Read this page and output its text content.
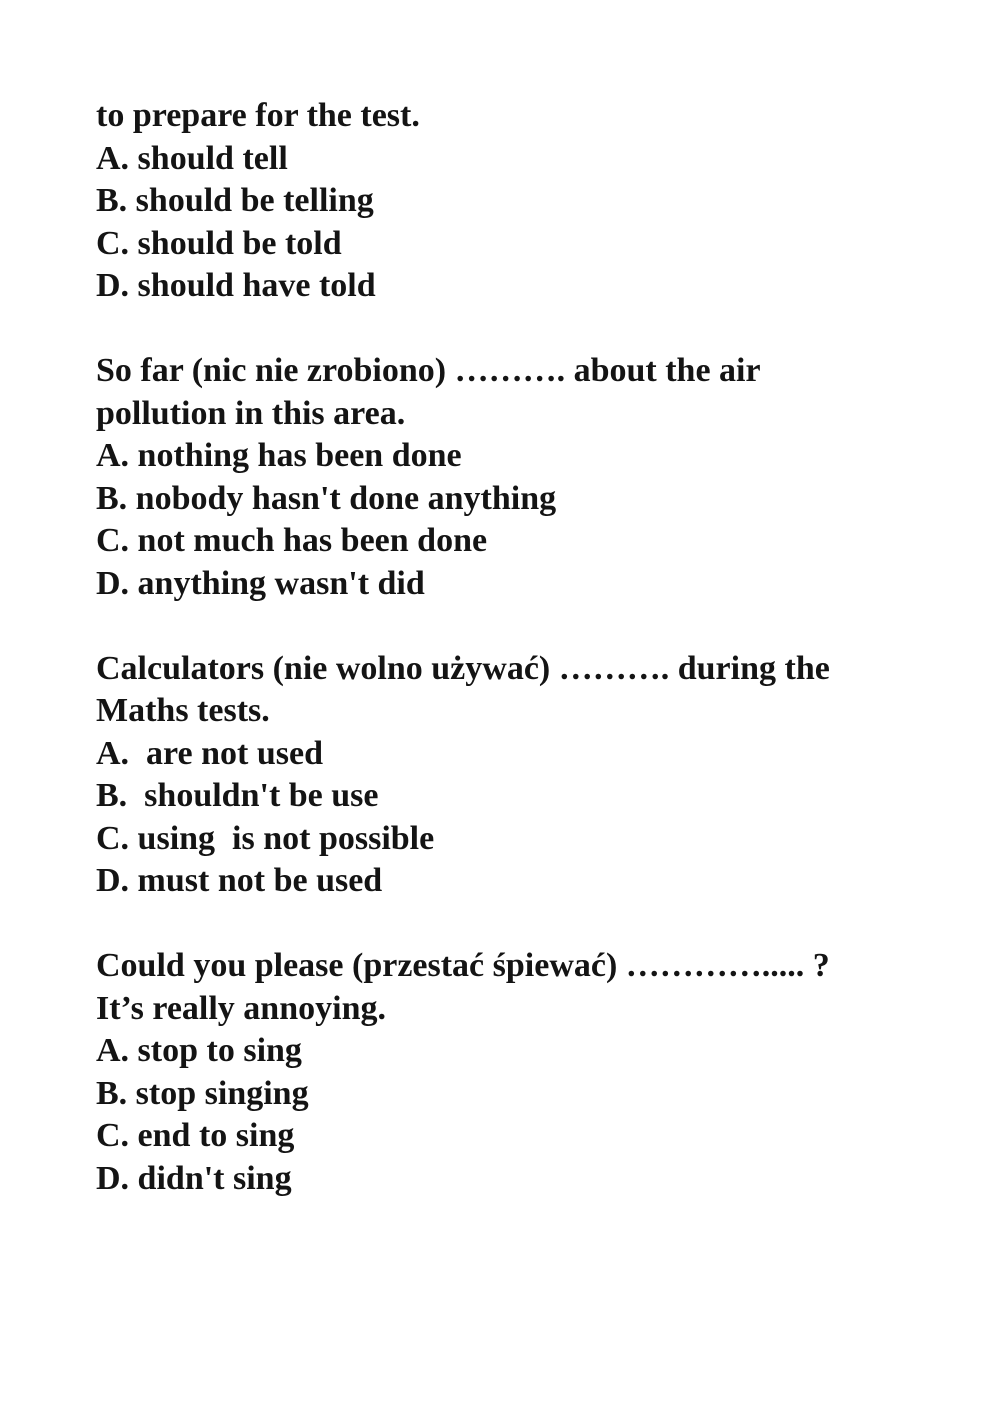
to prepare for the test.
A. should tell
B. should be telling
C. should be told
D. should have told
So far (nic nie zrobiono) ………. about the air
pollution in this area.
A. nothing has been done
B. nobody hasn't done anything
C. not much has been done
D. anything wasn't did
Calculators (nie wolno używać) ………. during the
Maths tests.
A.  are not used
B.  shouldn't be use
C. using  is not possible
D. must not be used
Could you please (przestać śpiewać) …………..... ?
It’s really annoying.
A. stop to sing
B. stop singing
C. end to sing
D. didn't sing
